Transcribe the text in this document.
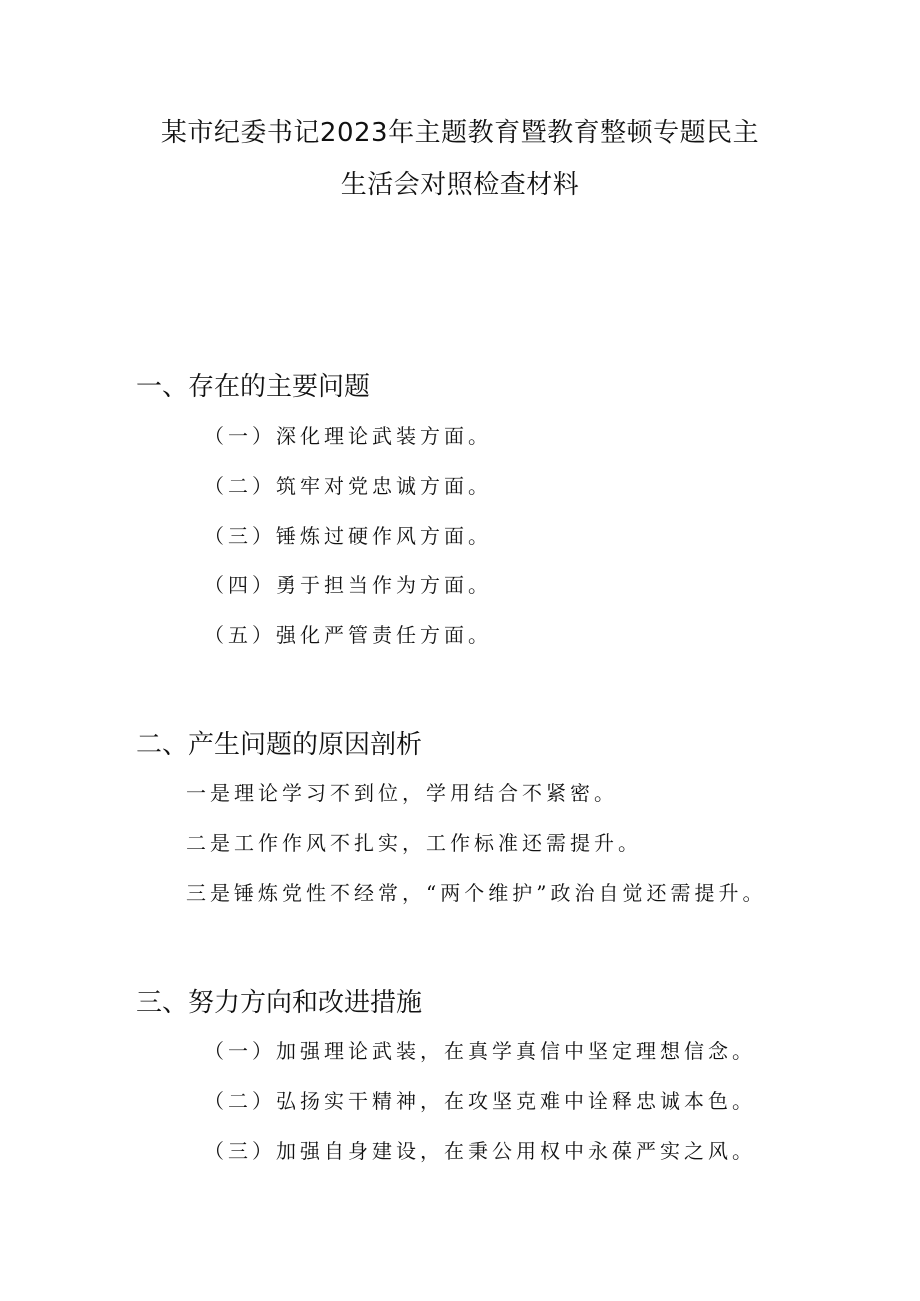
某市纪委书记2023年主题教育暨教育整顿专题民主
生活会对照检查材料
一、存在的主要问题
（一）深化理论武装方面。
（二）筑牢对党忠诚方面。
（三）锤炼过硬作风方面。
（四）勇于担当作为方面。
（五）强化严管责任方面。
二、产生问题的原因剖析
一是理论学习不到位，学用结合不紧密。
二是工作作风不扎实，工作标准还需提升。
三是锤炼党性不经常，“两个维护”政治自觉还需提升。
三、努力方向和改进措施
（一）加强理论武装，在真学真信中坚定理想信念。
（二）弘扬实干精神，在攻坚克难中诠释忠诚本色。
（三）加强自身建设，在秉公用权中永葆严实之风。
